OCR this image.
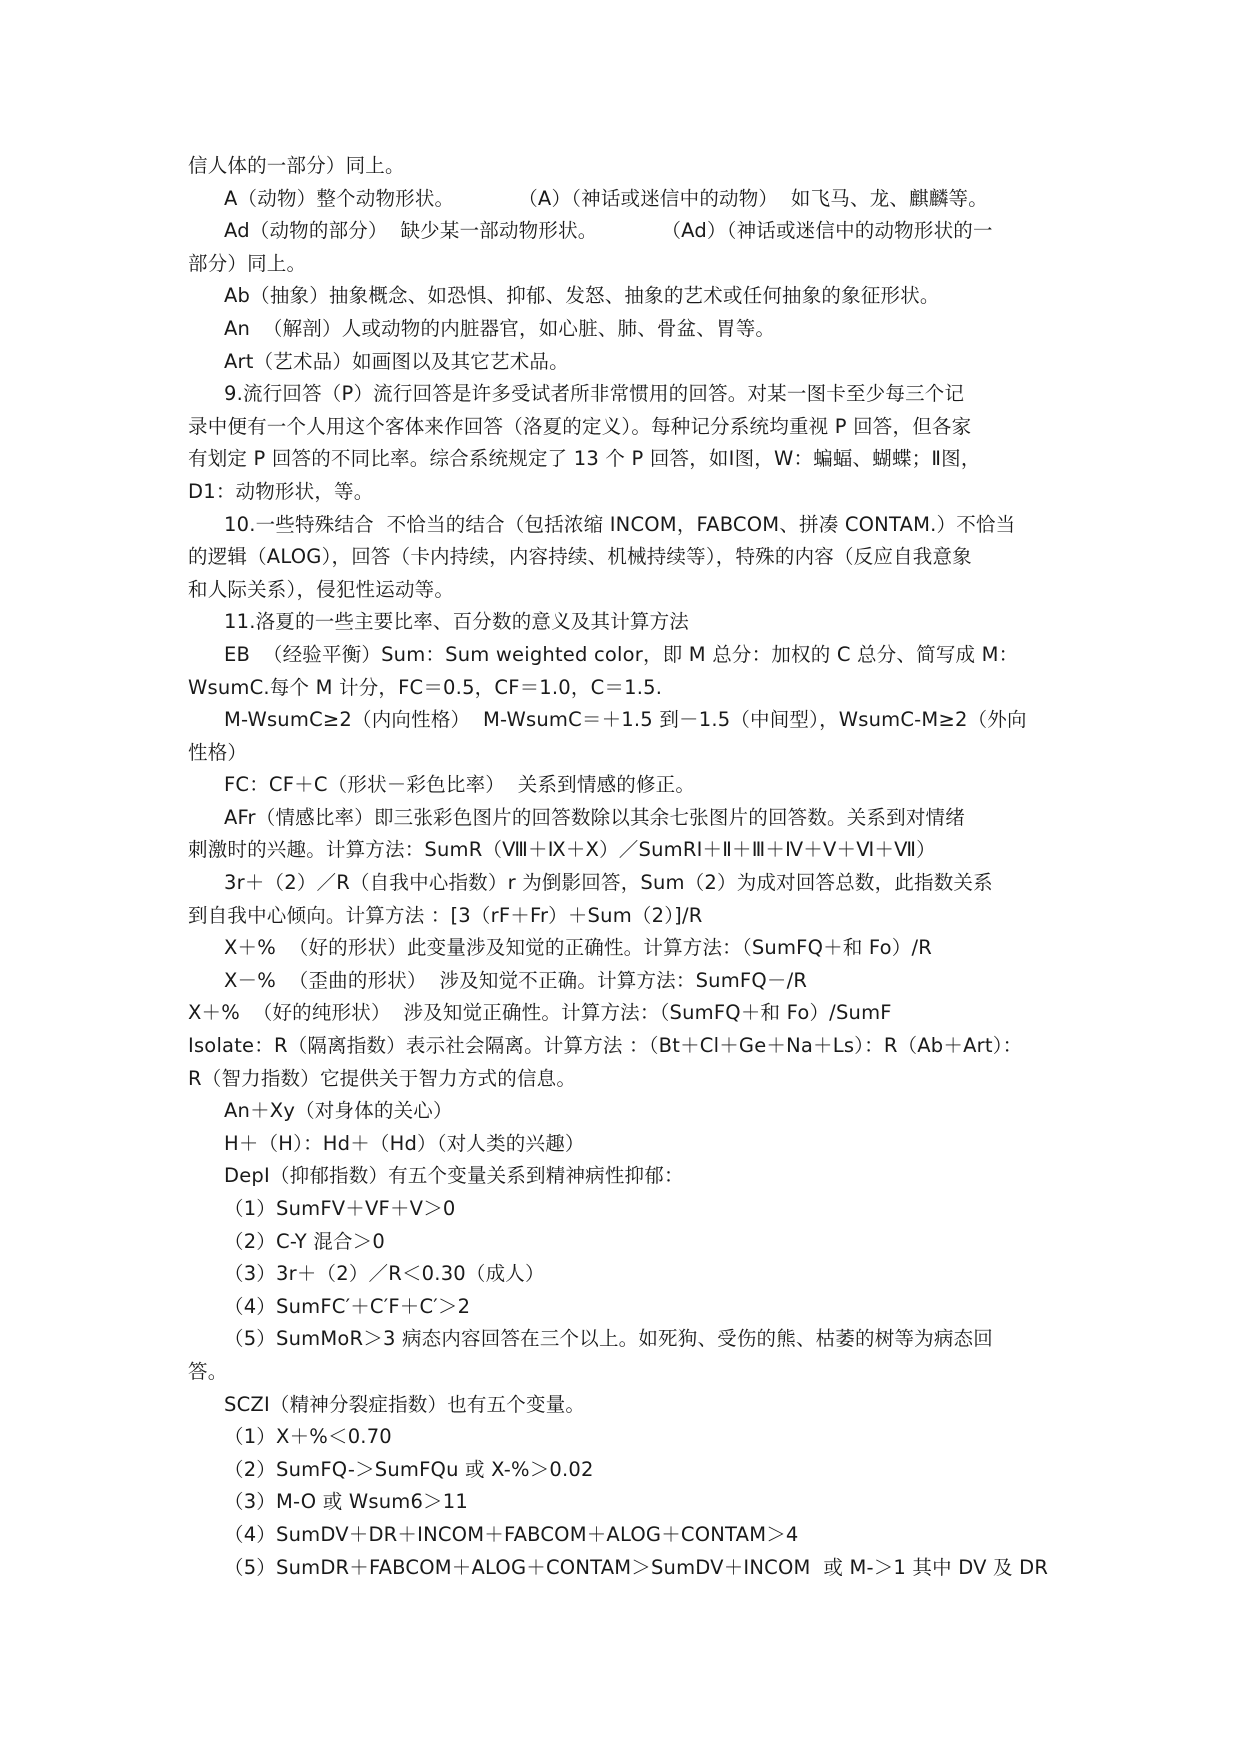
信人体的一部分）同上。
A（动物）整个动物形状。          （A）（神话或迷信中的动物）  如飞马、龙、麒麟等。
Ad（动物的部分）  缺少某一部动物形状。          （Ad）（神话或迷信中的动物形状的一
部分）同上。
Ab（抽象）抽象概念、如恐惧、抑郁、发怒、抽象的艺术或任何抽象的象征形状。
An  （解剖）人或动物的内脏器官，如心脏、肺、骨盆、胃等。
Art（艺术品）如画图以及其它艺术品。
9.流行回答（P）流行回答是许多受试者所非常惯用的回答。对某一图卡至少每三个记
录中便有一个人用这个客体来作回答（洛夏的定义）。每种记分系统均重视 P 回答，但各家
有划定 P 回答的不同比率。综合系统规定了 13 个 P 回答，如Ⅰ图，W：蝙蝠、蝴蝶；Ⅱ图，
D1：动物形状，等。
10.一些特殊结合  不恰当的结合（包括浓缩 INCOM，FABCOM、拼凑 CONTAM.）不恰当
的逻辑（ALOG），回答（卡内持续，内容持续、机械持续等），特殊的内容（反应自我意象
和人际关系），侵犯性运动等。
11.洛夏的一些主要比率、百分数的意义及其计算方法
EB  （经验平衡）Sum：Sum weighted color，即 M 总分：加权的 C 总分、简写成 M：
WsumC.每个 M 计分，FC＝0.5，CF＝1.0，C＝1.5.
M-WsumC≥2（内向性格）  M-WsumC＝＋1.5 到－1.5（中间型），WsumC-M≥2（外向
性格）
FC：CF＋C（形状－彩色比率）  关系到情感的修正。
AFr（情感比率）即三张彩色图片的回答数除以其余七张图片的回答数。关系到对情绪
刺激时的兴趣。计算方法：SumR（Ⅷ＋Ⅸ＋Ⅹ）／SumRⅠ＋Ⅱ＋Ⅲ＋Ⅳ＋Ⅴ＋Ⅵ＋Ⅶ）
3r＋（2）／R（自我中心指数）r 为倒影回答，Sum（2）为成对回答总数，此指数关系
到自我中心倾向。计算方法 ：[3（rF＋Fr）＋Sum（2）]/R
X＋%  （好的形状）此变量涉及知觉的正确性。计算方法：（SumFQ＋和 Fo）/R
X－%  （歪曲的形状）  涉及知觉不正确。计算方法：SumFQ－/R
X＋%  （好的纯形状）  涉及知觉正确性。计算方法：（SumFQ＋和 Fo）/SumF
Isolate：R（隔离指数）表示社会隔离。计算方法 ：（Bt＋Cl＋Ge＋Na＋Ls）：R（Ab＋Art）：
R（智力指数）它提供关于智力方式的信息。
An＋Xy（对身体的关心）
H＋（H）：Hd＋（Hd）（对人类的兴趣）
DepⅠ（抑郁指数）有五个变量关系到精神病性抑郁：
（1）SumFV＋VF＋V＞0
（2）C-Y 混合＞0
（3）3r＋（2）／R＜0.30（成人）
（4）SumFC′＋C′F＋C′＞2
（5）SumMoR＞3 病态内容回答在三个以上。如死狗、受伤的熊、枯萎的树等为病态回
答。
SCZI（精神分裂症指数）也有五个变量。
（1）X＋%＜0.70
（2）SumFQ-＞SumFQu 或 X-%＞0.02
（3）M-O 或 Wsum6＞11
（4）SumDV＋DR＋INCOM＋FABCOM＋ALOG＋CONTAM＞4
（5）SumDR＋FABCOM＋ALOG＋CONTAM＞SumDV＋INCOM  或 M-＞1 其中 DV 及 DR
